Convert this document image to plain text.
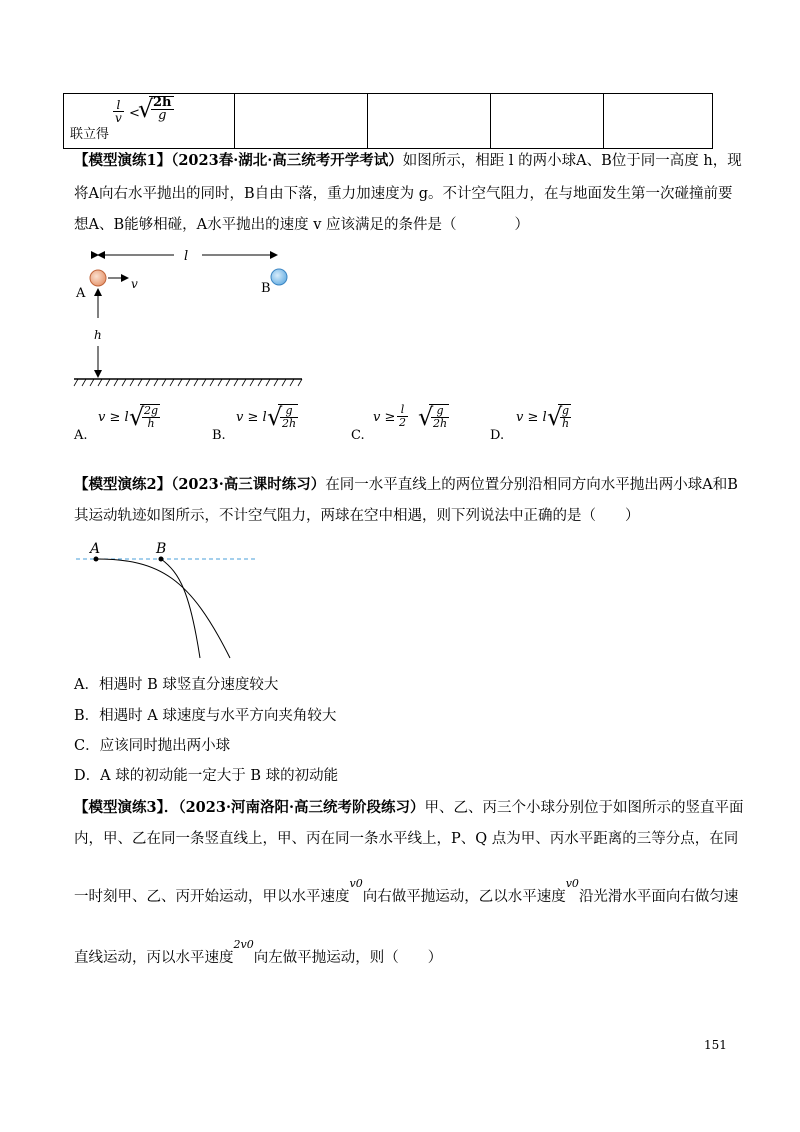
联立得
$\frac{l}{v}$ < √ $\frac{2h}{g}$

【模型演练1】（2023春·湖北·高三统考开学考试）如图所示，相距 l 的两小球A、B位于同一高度 h，现
将A向右水平抛出的同时，B自由下落，重力加速度为 g。不计空气阻力，在与地面发生第一次碰撞前要
想A、B能够相碰，A水平抛出的速度 v 应该满足的条件是（　　　　）
l
A
v	B
h
A.
v ≥ l √ $\frac{2g}{h}$
B.
v ≥ l √ $\frac{g}{2h}$
C.
$v \ge \frac{l}{2}$ √ $\frac{g}{2h}$
D.
v ≥ l √ $\frac{g}{h}$
【模型演练2】（2023·高三课时练习）在同一水平直线上的两位置分别沿相同方向水平抛出两小球A和B
其运动轨迹如图所示，不计空气阻力，两球在空中相遇，则下列说法中正确的是（　　）
A	B
A．相遇时 B 球竖直分速度较大
B．相遇时 A 球速度与水平方向夹角较大
C．应该同时抛出两小球
D．A 球的初动能一定大于 B 球的初动能
【模型演练3】．（2023·河南洛阳·高三统考阶段练习）甲、乙、丙三个小球分别位于如图所示的竖直平面
内，甲、乙在同一条竖直线上，甲、丙在同一条水平线上，P、Q 点为甲、丙水平距离的三等分点，在同
一时刻甲、乙、丙开始运动，甲以水平速度$^{v0}$向右做平抛运动，乙以水平速度$^{v0}$沿光滑水平面向右做匀速
直线运动，丙以水平速度$^{2v0}$向左做平抛运动，则（　　）
151
